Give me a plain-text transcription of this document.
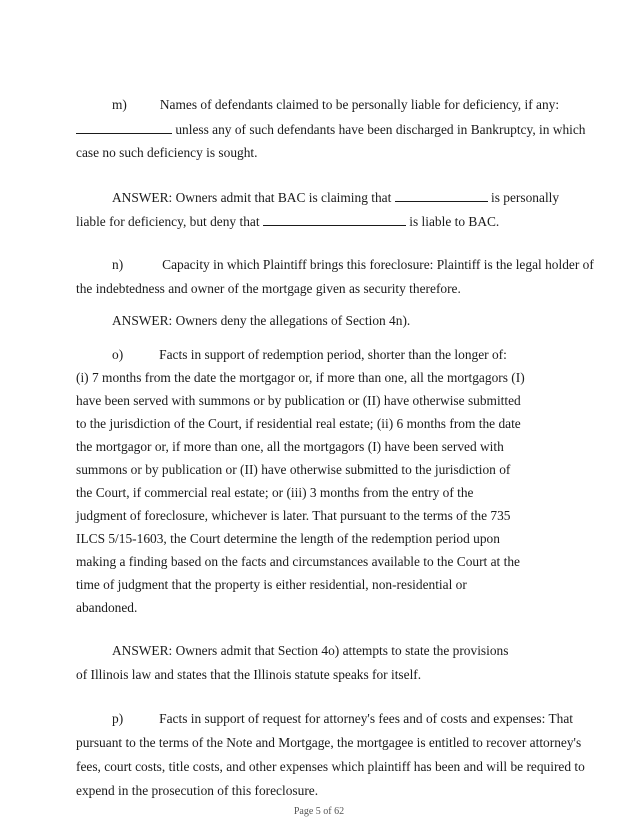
m) Names of defendants claimed to be personally liable for deficiency, if any:
unless any of such defendants have been discharged in Bankruptcy, in which
case no such deficiency is sought.
ANSWER: Owners admit that BAC is claiming that	is personally
liable for deficiency, but deny that	is liable to BAC.
n)	Capacity in which Plaintiff brings this foreclosure: Plaintiff is the legal holder of
the indebtedness and owner of the mortgage given as security therefore.
ANSWER: Owners deny the allegations of Section 4n).
o)	Facts in support of redemption period, shorter than the longer of:
(i) 7 months from the date the mortgagor or, if more than one, all the mortgagors (I)
have been served with summons or by publication or (II) have otherwise submitted
to the jurisdiction of the Court, if residential real estate; (ii) 6 months from the date
the mortgagor or, if more than one, all the mortgagors (I) have been served with
summons or by publication or (II) have otherwise submitted to the jurisdiction of
the Court, if commercial real estate; or (iii) 3 months from the entry of the
judgment of foreclosure, whichever is later. That pursuant to the terms of the 735
ILCS 5/15-1603, the Court determine the length of the redemption period upon
making a finding based on the facts and circumstances available to the Court at the
time of judgment that the property is either residential, non-residential or
abandoned.
ANSWER: Owners admit that Section 4o) attempts to state the provisions
of Illinois law and states that the Illinois statute speaks for itself.
p)	Facts in support of request for attorney's fees and of costs and expenses: That
pursuant to the terms of the Note and Mortgage, the mortgagee is entitled to recover attorney's
fees, court costs, title costs, and other expenses which plaintiff has been and will be required to
expend in the prosecution of this foreclosure.
Page 5 of 62
